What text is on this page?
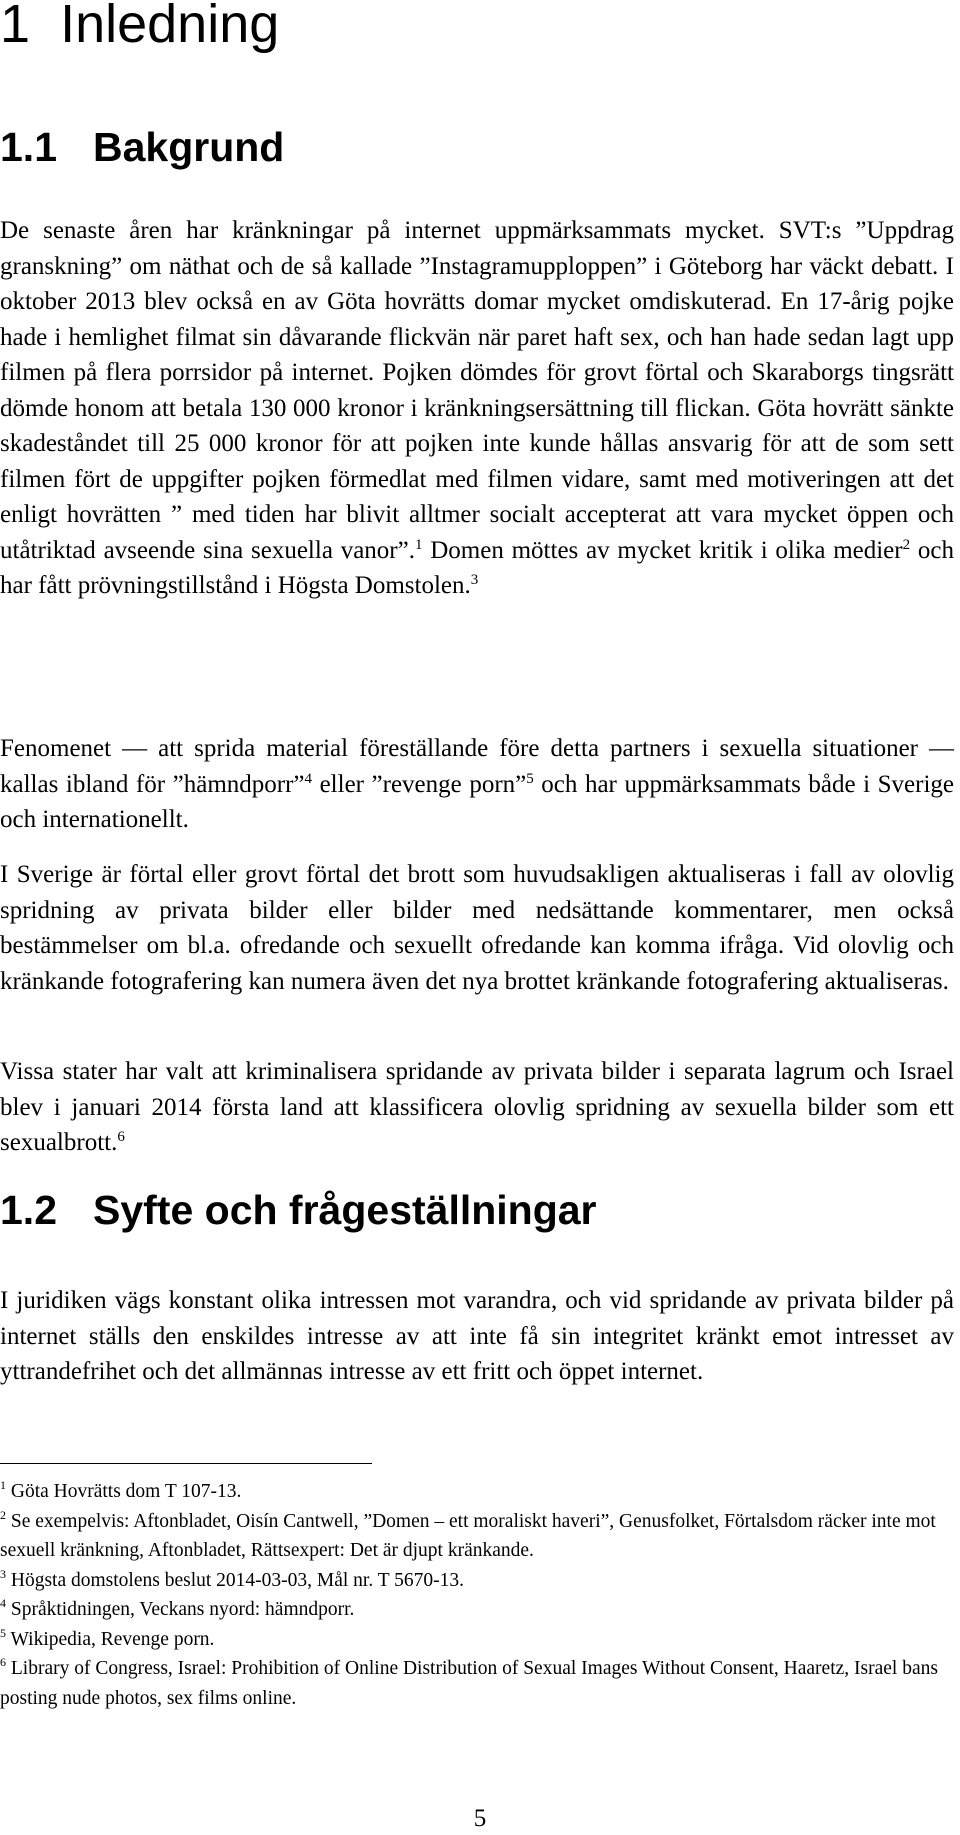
1 Inledning
1.1 Bakgrund

De senaste åren har kränkningar på internet uppmärksammats mycket. SVT:s ”Uppdrag granskning” om näthat och de så kallade ”Instagramupploppen” i Göteborg har väckt debatt. I oktober 2013 blev också en av Göta hovrätts domar mycket omdiskuterad. En 17-årig pojke hade i hemlighet filmat sin dåvarande flickvän när paret haft sex, och han hade sedan lagt upp filmen på flera porrsidor på internet. Pojken dömdes för grovt förtal och Skaraborgs tingsrätt dömde honom att betala 130 000 kronor i kränkningsersättning till flickan. Göta hovrätt sänkte skadeståndet till 25 000 kronor för att pojken inte kunde hållas ansvarig för att de som sett filmen fört de uppgifter pojken förmedlat med filmen vidare, samt med motiveringen att det enligt hovrätten ” med tiden har blivit alltmer socialt accepterat att vara mycket öppen och utåtriktad avseende sina sexuella vanor”.$^1$ Domen möttes av mycket kritik i olika medier$^2$ och har fått prövningstillstånd i Högsta Domstolen.$^3$

Fenomenet — att sprida material föreställande före detta partners i sexuella situationer — kallas ibland för ”hämndporr”$^4$ eller ”revenge porn”$^5$ och har uppmärksammats både i Sverige och internationellt.

I Sverige är förtal eller grovt förtal det brott som huvudsakligen aktualiseras i fall av olovlig spridning av privata bilder eller bilder med nedsättande kommentarer, men också bestämmelser om bl.a. ofredande och sexuellt ofredande kan komma ifråga. Vid olovlig och kränkande fotografering kan numera även det nya brottet kränkande fotografering aktualiseras.

Vissa stater har valt att kriminalisera spridande av privata bilder i separata lagrum och Israel blev i januari 2014 första land att klassificera olovlig spridning av sexuella bilder som ett sexualbrott.$^6$

1.2 Syfte och frågeställningar

I juridiken vägs konstant olika intressen mot varandra, och vid spridande av privata bilder på internet ställs den enskildes intresse av att inte få sin integritet kränkt emot intresset av yttrandefrihet och det allmännas intresse av ett fritt och öppet internet.

$^1$ Göta Hovrätts dom T 107-13.

$^2$ Se exempelvis: Aftonbladet, Oisín Cantwell, ”Domen – ett moraliskt haveri”, Genusfolket, Förtalsdom räcker inte mot sexuell kränkning, Aftonbladet, Rättsexpert: Det är djupt kränkande.

$^3$ Högsta domstolens beslut 2014-03-03, Mål nr. T 5670-13.

$^4$ Språktidningen, Veckans nyord: hämndporr.

$^5$ Wikipedia, Revenge porn.

$^6$ Library of Congress, Israel: Prohibition of Online Distribution of Sexual Images Without Consent, Haaretz, Israel bans posting nude photos, sex films online.

5
